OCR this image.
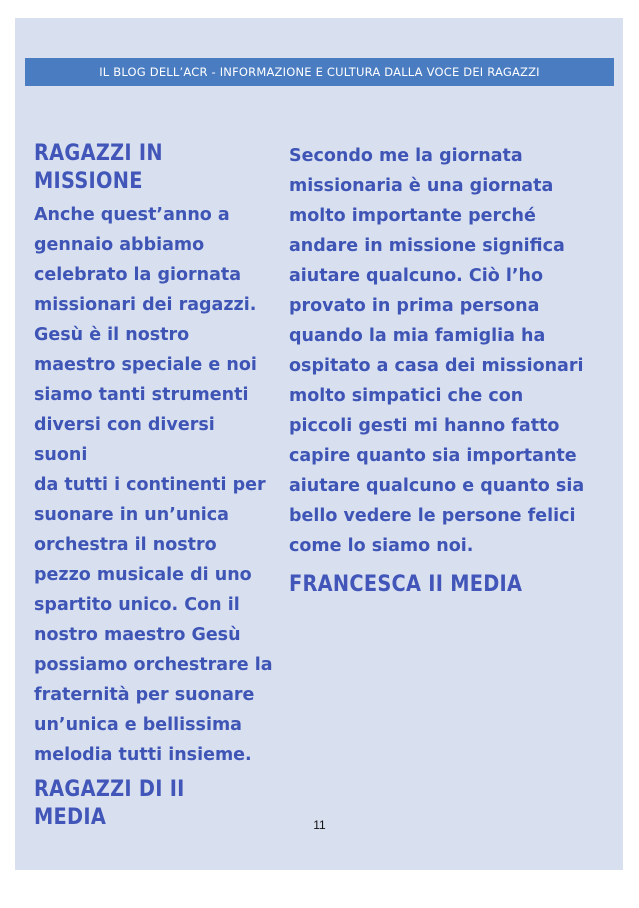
IL BLOG DELL’ACR - INFORMAZIONE E CULTURA DALLA VOCE DEI RAGAZZI
RAGAZZI IN
MISSIONE

Anche quest’anno a
gennaio abbiamo
celebrato la giornata
missionari dei ragazzi.
Gesù è il nostro
maestro speciale e noi
siamo tanti strumenti
diversi con diversi suoni
da tutti i continenti per
suonare in un’unica
orchestra il nostro
pezzo musicale di uno
spartito unico. Con il
nostro maestro Gesù
possiamo orchestrare la
fraternità per suonare
un’unica e bellissima
melodia tutti insieme.

RAGAZZI DI II MEDIA

Secondo me la giornata
missionaria è una giornata
molto importante perché
andare in missione significa
aiutare qualcuno. Ciò l’ho
provato in prima persona
quando la mia famiglia ha
ospitato a casa dei missionari
molto simpatici che con
piccoli gesti mi hanno fatto
capire quanto sia importante
aiutare qualcuno e quanto sia
bello vedere le persone felici
come lo siamo noi.

FRANCESCA II MEDIA
11
